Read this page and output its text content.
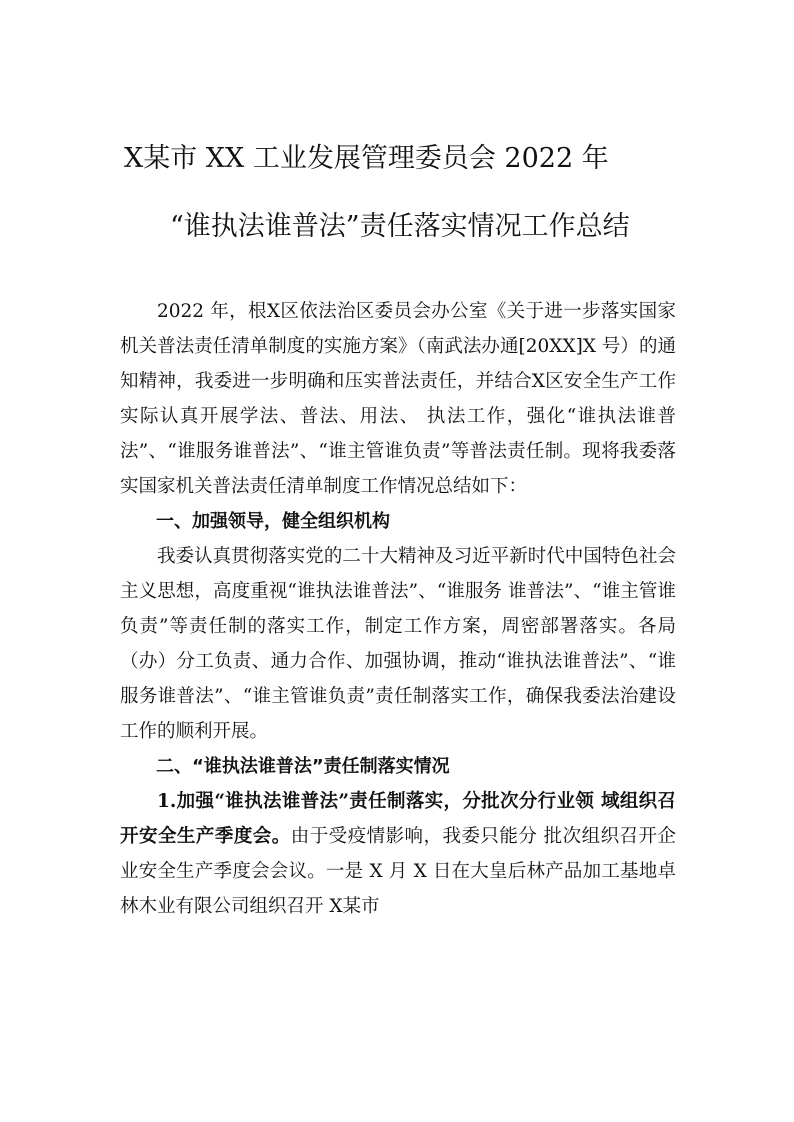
X某市 XX 工业发展管理委员会 2022 年
“谁执法谁普法”责任落实情况工作总结

2022 年，根X区依法治区委员会办公室《关于进一步落实国家机关普法责任清单制度的实施方案》（南武法办通[20XX]X 号）的通知精神，我委进一步明确和压实普法责任，并结合X区安全生产工作实际认真开展学法、普法、用法、 执法工作，强化“谁执法谁普法”、“谁服务谁普法”、“谁主管谁负责”等普法责任制。现将我委落实国家机关普法责任清单制度工作情况总结如下：

一、加强领导，健全组织机构

我委认真贯彻落实党的二十大精神及习近平新时代中国特色社会主义思想，高度重视“谁执法谁普法”、“谁服务 谁普法”、“谁主管谁负责”等责任制的落实工作，制定工作方案，周密部署落实。各局（办）分工负责、通力合作、加强协调，推动“谁执法谁普法”、“谁服务谁普法”、“谁主管谁负责”责任制落实工作，确保我委法治建设工作的顺利开展。

二、“谁执法谁普法”责任制落实情况

1.加强“谁执法谁普法”责任制落实，分批次分行业领 域组织召开安全生产季度会。由于受疫情影响，我委只能分 批次组织召开企业安全生产季度会会议。一是 X 月 X 日在大皇后林产品加工基地卓林木业有限公司组织召开 X某市
